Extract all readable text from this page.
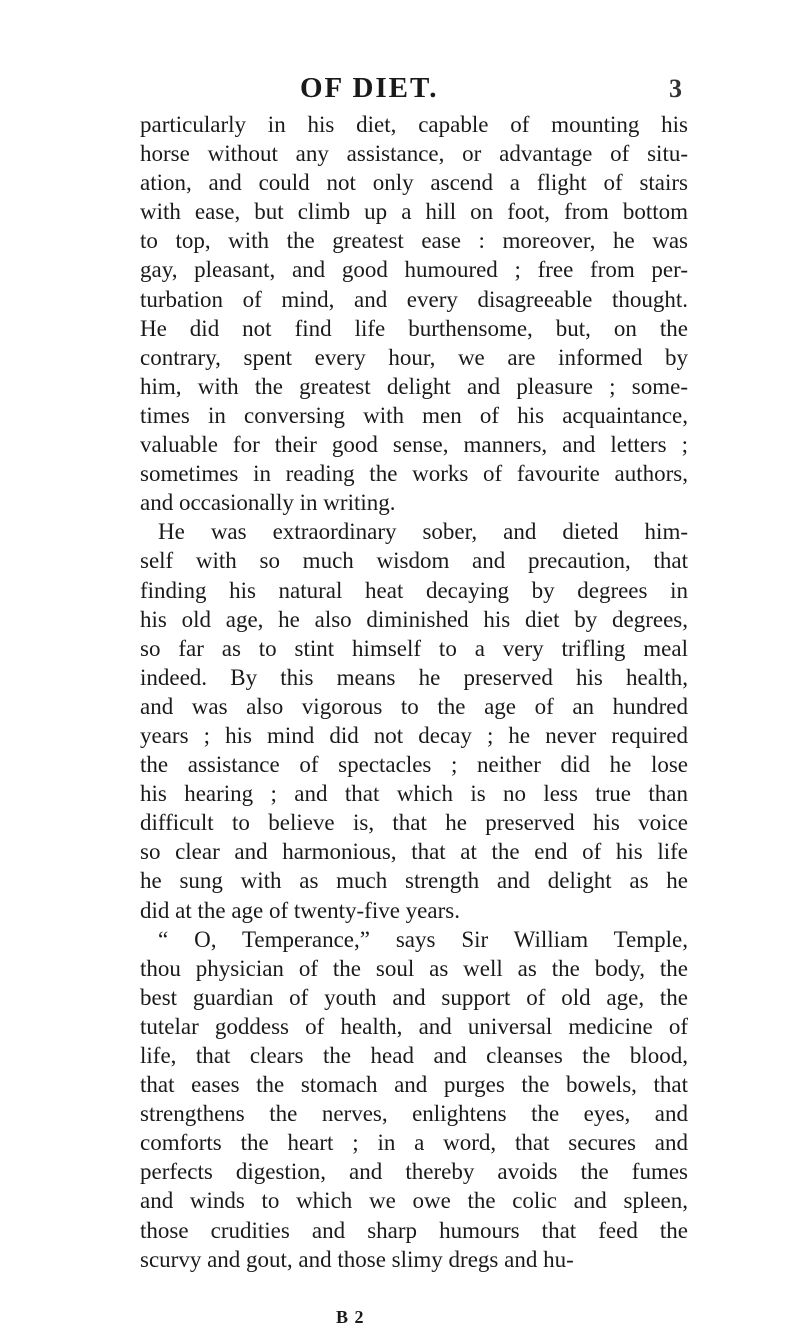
OF DIET.	3
particularly in his diet, capable of mounting his
horse without any assistance, or advantage of situ-
ation, and could not only ascend a flight of stairs
with ease, but climb up a hill on foot, from bottom
to top, with the greatest ease : moreover, he was
gay, pleasant, and good humoured ; free from per-
turbation of mind, and every disagreeable thought.
He did not find life burthensome, but, on the
contrary, spent every hour, we are informed by
him, with the greatest delight and pleasure ; some-
times in conversing with men of his acquaintance,
valuable for their good sense, manners, and letters ;
sometimes in reading the works of favourite authors,
and occasionally in writing.
He was extraordinary sober, and dieted him-
self with so much wisdom and precaution, that
finding his natural heat decaying by degrees in
his old age, he also diminished his diet by degrees,
so far as to stint himself to a very trifling meal
indeed. By this means he preserved his health,
and was also vigorous to the age of an hundred
years ; his mind did not decay ; he never required
the assistance of spectacles ; neither did he lose
his hearing ; and that which is no less true than
difficult to believe is, that he preserved his voice
so clear and harmonious, that at the end of his life
he sung with as much strength and delight as he
did at the age of twenty-five years.
“ O, Temperance,” says Sir William Temple,
thou physician of the soul as well as the body, the
best guardian of youth and support of old age, the
tutelar goddess of health, and universal medicine of
life, that clears the head and cleanses the blood,
that eases the stomach and purges the bowels, that
strengthens the nerves, enlightens the eyes, and
comforts the heart ; in a word, that secures and
perfects digestion, and thereby avoids the fumes
and winds to which we owe the colic and spleen,
those crudities and sharp humours that feed the
scurvy and gout, and those slimy dregs and hu-
B 2
